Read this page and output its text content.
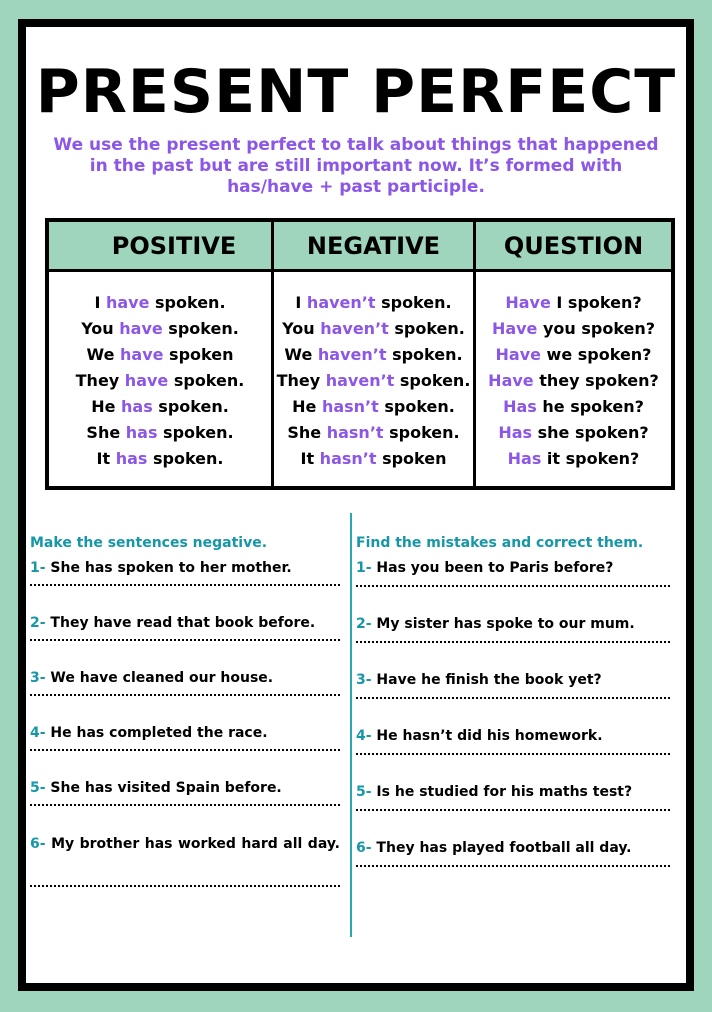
PRESENT PERFECT
We use the present perfect to talk about things that happened in the past but are still important now. It’s formed with has/have + past participle.
POSITIVE	NEGATIVE	QUESTION
I have spoken.
You have spoken.
We have spoken
They have spoken.
He has spoken.
She has spoken.
It has spoken.
I haven’t spoken.
You haven’t spoken.
We haven’t spoken.
They haven’t spoken.
He hasn’t spoken.
She hasn’t spoken.
It hasn’t spoken
Have I spoken?
Have you spoken?
Have we spoken?
Have they spoken?
Has he spoken?
Has she spoken?
Has it spoken?
Make the sentences negative.
1- She has spoken to her mother.
2- They have read that book before.
3- We have cleaned our house.
4- He has completed the race.
5- She has visited Spain before.
6- My brother has worked hard all day.
Find the mistakes and correct them.
1- Has you been to Paris before?
2- My sister has spoke to our mum.
3- Have he finish the book yet?
4- He hasn’t did his homework.
5- Is he studied for his maths test?
6- They has played football all day.
